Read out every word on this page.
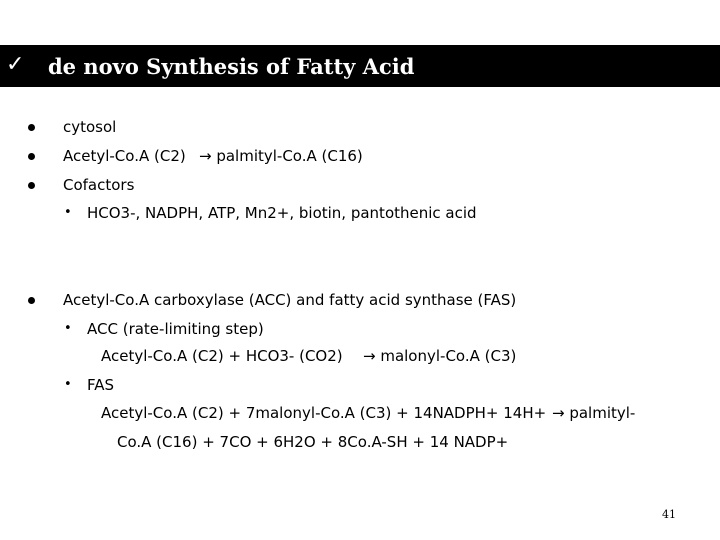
✓ de novo Synthesis of Fatty Acid
cytosol
Acetyl-Co.A (C2) → palmityl-Co.A (C16)
Cofactors
• HCO3-, NADPH, ATP, Mn2+, biotin, pantothenic acid
Acetyl-Co.A carboxylase (ACC) and fatty acid synthase (FAS)
• ACC (rate-limiting step)
Acetyl-Co.A (C2) + HCO3- (CO2) → malonyl-Co.A (C3)
• FAS
Acetyl-Co.A (C2) + 7malonyl-Co.A (C3) + 14NADPH+ 14H+ → palmityl-
Co.A (C16) + 7CO + 6H2O + 8Co.A-SH + 14 NADP+
41
